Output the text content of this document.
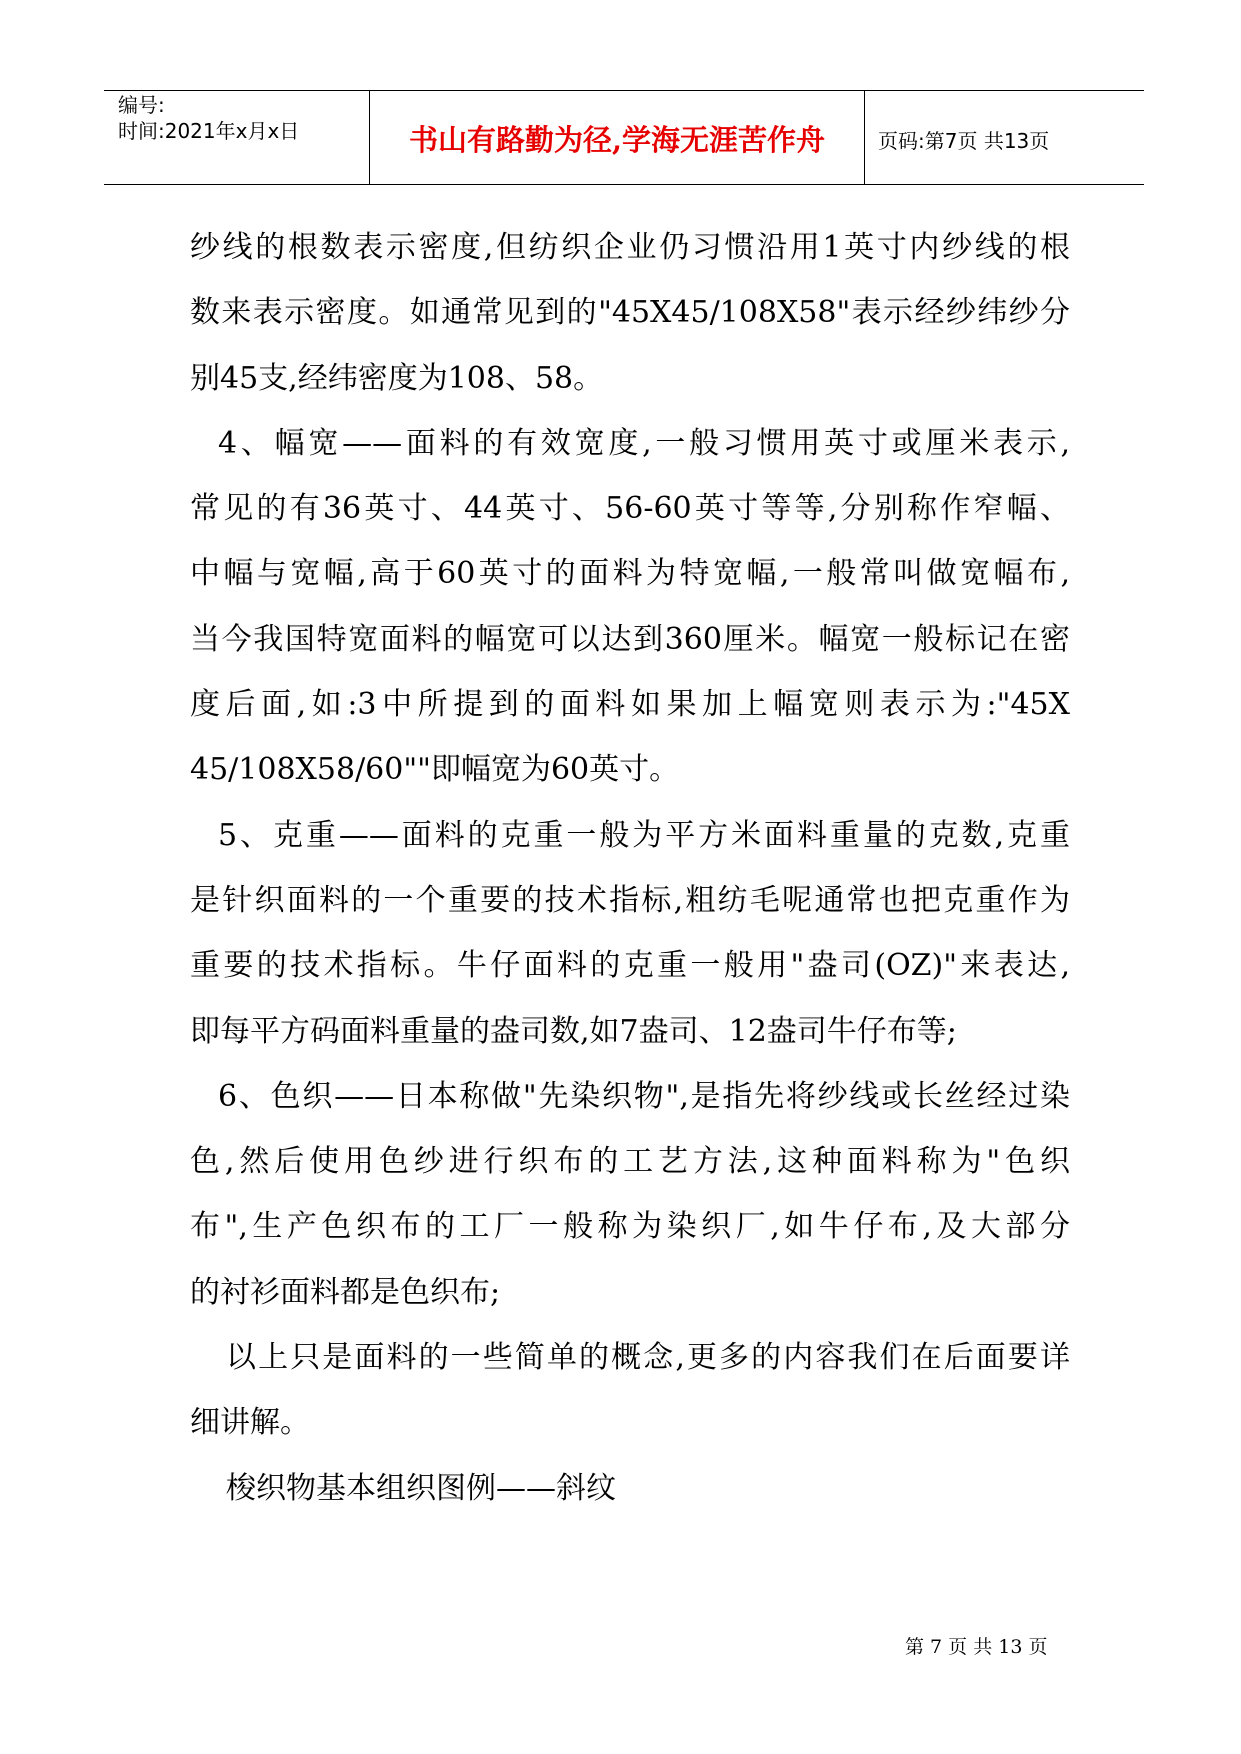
编号:
时间:2021年x月x日	书山有路勤为径,学海无涯苦作舟	页码:第7页 共13页
纱线的根数表示密度,但纺织企业仍习惯沿用1英寸内纱线的根
数来表示密度。如通常见到的"45X45/108X58"表示经纱纬纱分
别45支,经纬密度为108、58。
4、幅宽——面料的有效宽度,一般习惯用英寸或厘米表示,
常见的有36英寸、44英寸、56-60英寸等等,分别称作窄幅、
中幅与宽幅,高于60英寸的面料为特宽幅,一般常叫做宽幅布,
当今我国特宽面料的幅宽可以达到360厘米。幅宽一般标记在密
度后面,如:3中所提到的面料如果加上幅宽则表示为:"45X
45/108X58/60""即幅宽为60英寸。
5、克重——面料的克重一般为平方米面料重量的克数,克重
是针织面料的一个重要的技术指标,粗纺毛呢通常也把克重作为
重要的技术指标。牛仔面料的克重一般用"盎司(OZ)"来表达,
即每平方码面料重量的盎司数,如7盎司、12盎司牛仔布等;
6、色织——日本称做"先染织物",是指先将纱线或长丝经过染
色,然后使用色纱进行织布的工艺方法,这种面料称为"色织
布",生产色织布的工厂一般称为染织厂,如牛仔布,及大部分
的衬衫面料都是色织布;
以上只是面料的一些简单的概念,更多的内容我们在后面要详
细讲解。
梭织物基本组织图例——斜纹
第 7 页 共 13 页
